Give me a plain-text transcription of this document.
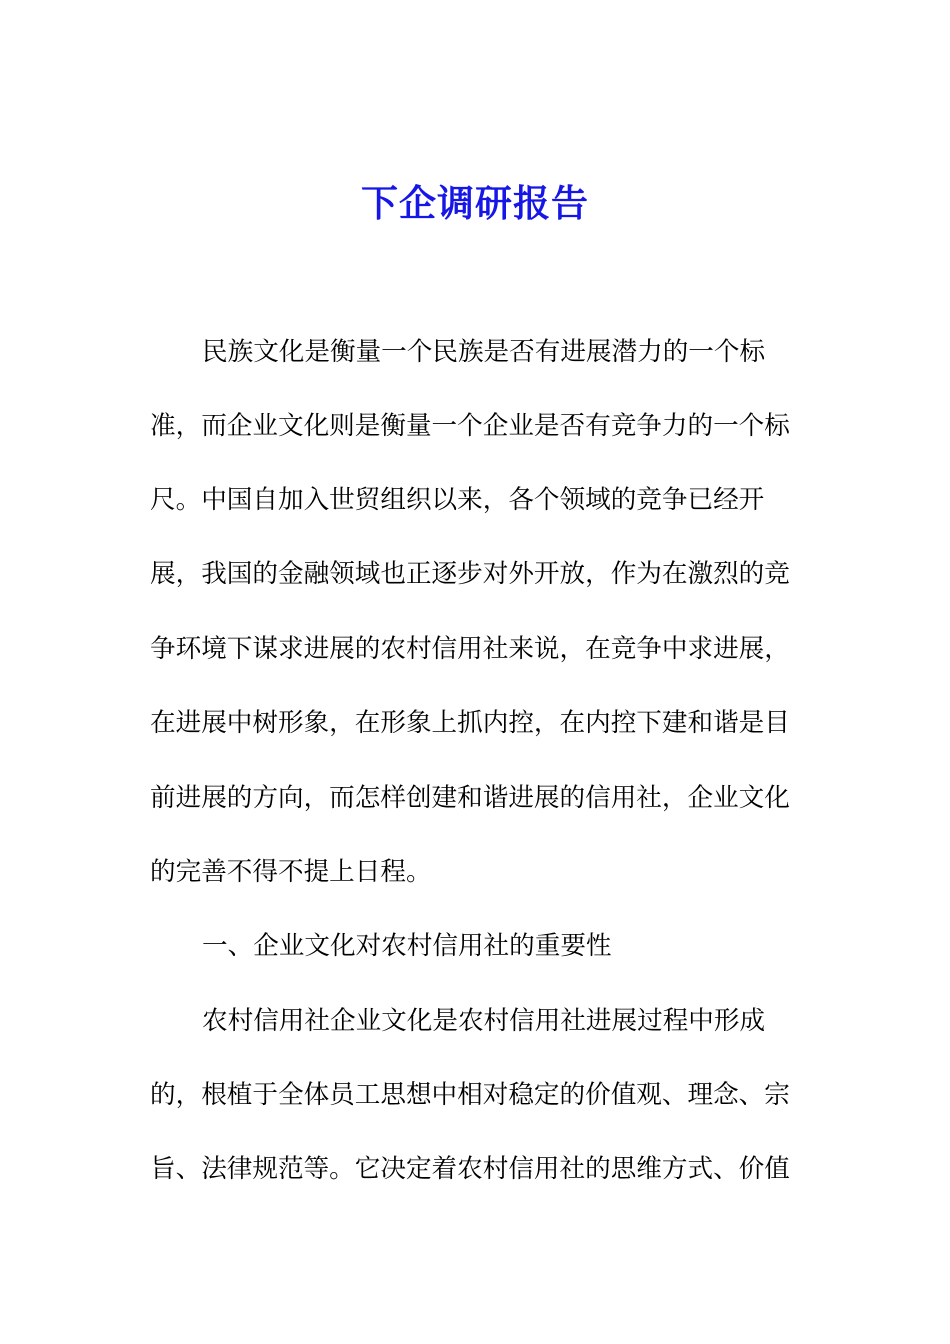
下企调研报告
民族文化是衡量一个民族是否有进展潜力的一个标
准，而企业文化则是衡量一个企业是否有竞争力的一个标
尺。中国自加入世贸组织以来，各个领域的竞争已经开
展，我国的金融领域也正逐步对外开放，作为在激烈的竞
争环境下谋求进展的农村信用社来说，在竞争中求进展，
在进展中树形象，在形象上抓内控，在内控下建和谐是目
前进展的方向，而怎样创建和谐进展的信用社，企业文化
的完善不得不提上日程。
一、企业文化对农村信用社的重要性
农村信用社企业文化是农村信用社进展过程中形成
的，根植于全体员工思想中相对稳定的价值观、理念、宗
旨、法律规范等。它决定着农村信用社的思维方式、价值
